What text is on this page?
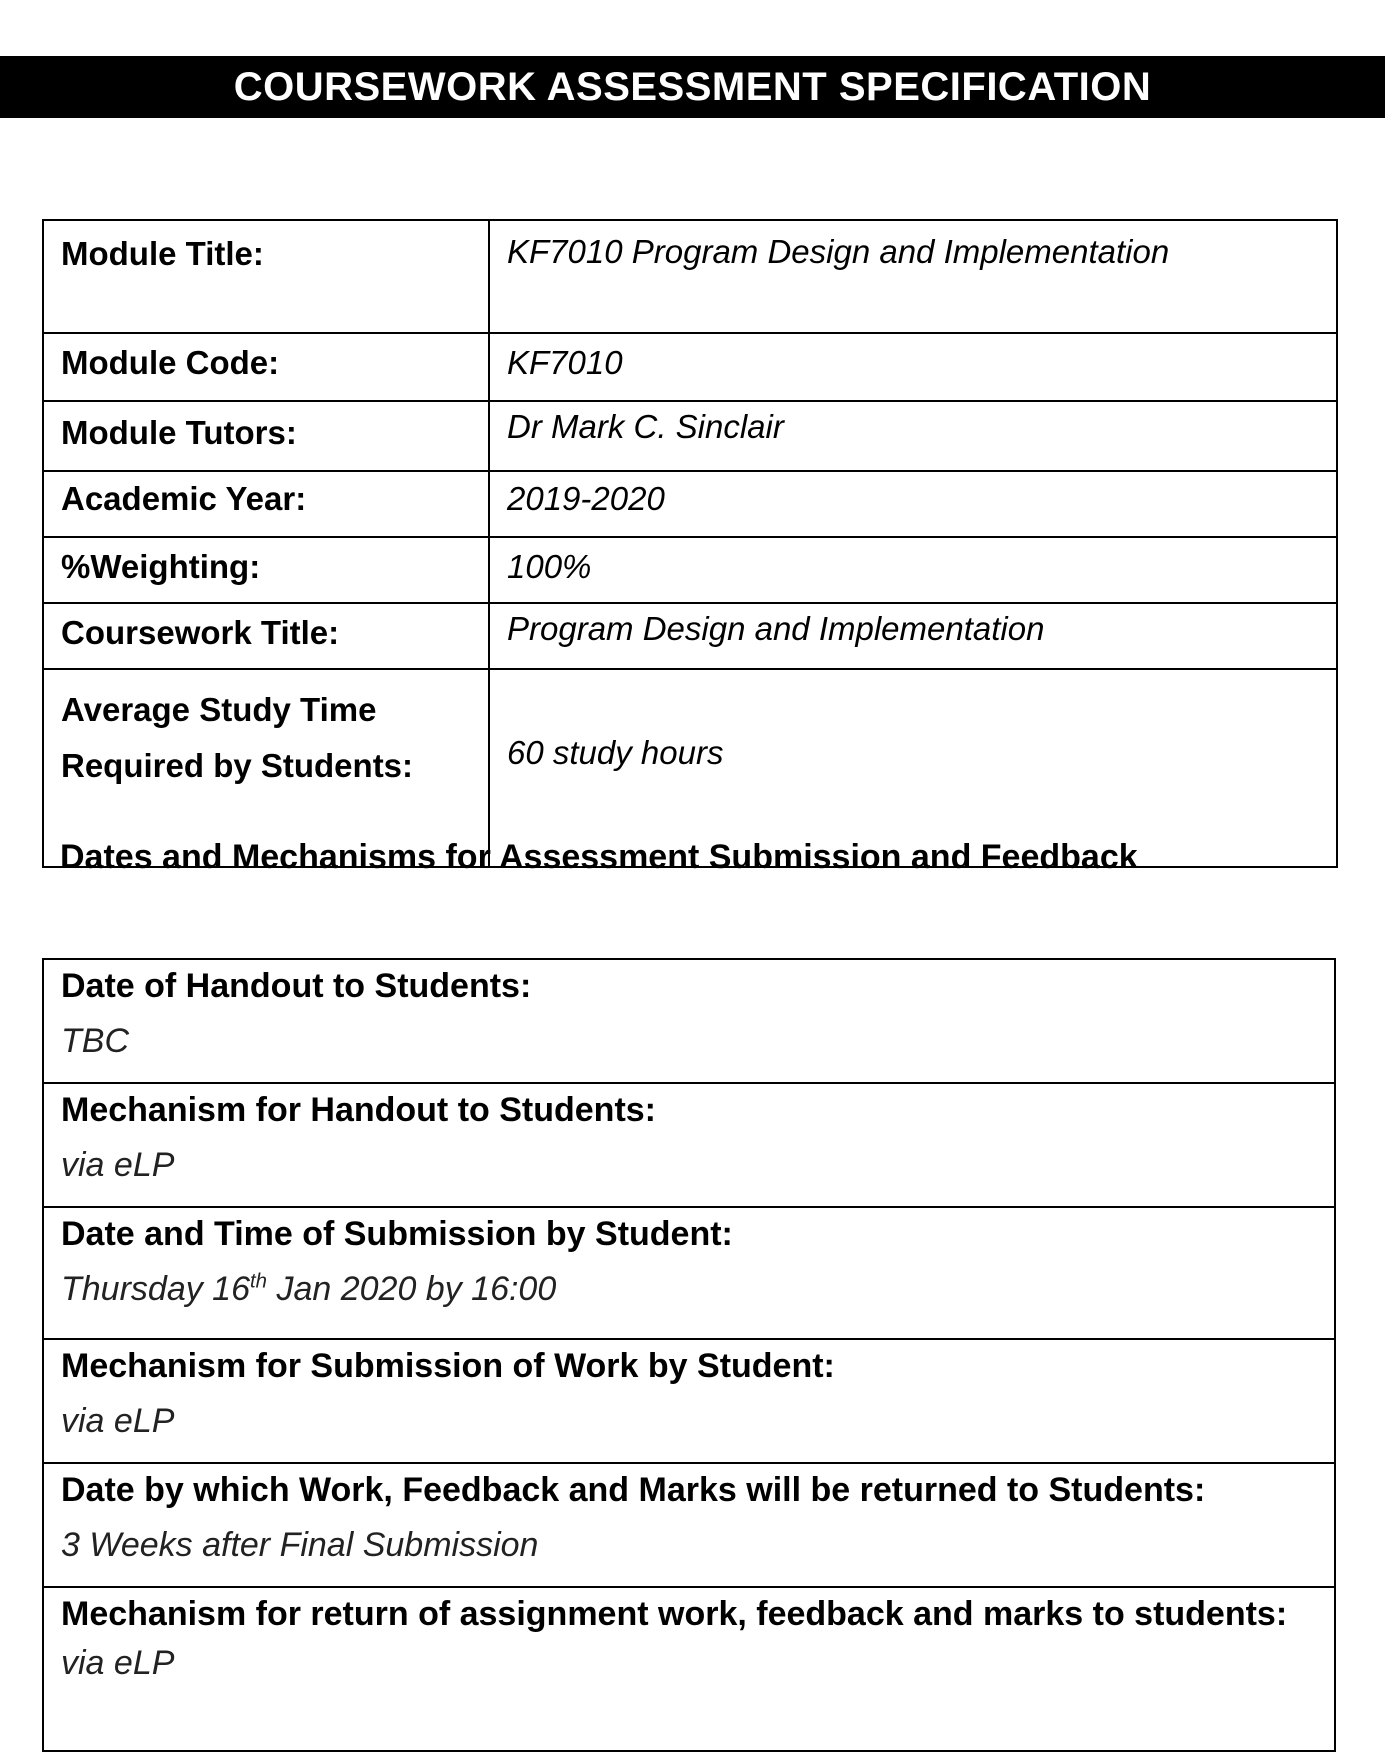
COURSEWORK ASSESSMENT SPECIFICATION
Module Title:	KF7010 Program Design and Implementation
Module Code:	KF7010
Module Tutors:	Dr Mark C. Sinclair
Academic Year:	2019-2020
%Weighting:	100%
Coursework Title:	Program Design and Implementation
Average Study Time Required by Students:	60 study hours
Dates and Mechanisms for Assessment Submission and Feedback
Date of Handout to Students:
TBC

Mechanism for Handout to Students:
via eLP

Date and Time of Submission by Student:
Thursday 16th Jan 2020 by 16:00

Mechanism for Submission of Work by Student:
via eLP

Date by which Work, Feedback and Marks will be returned to Students:
3 Weeks after Final Submission

Mechanism for return of assignment work, feedback and marks to students:
via eLP
